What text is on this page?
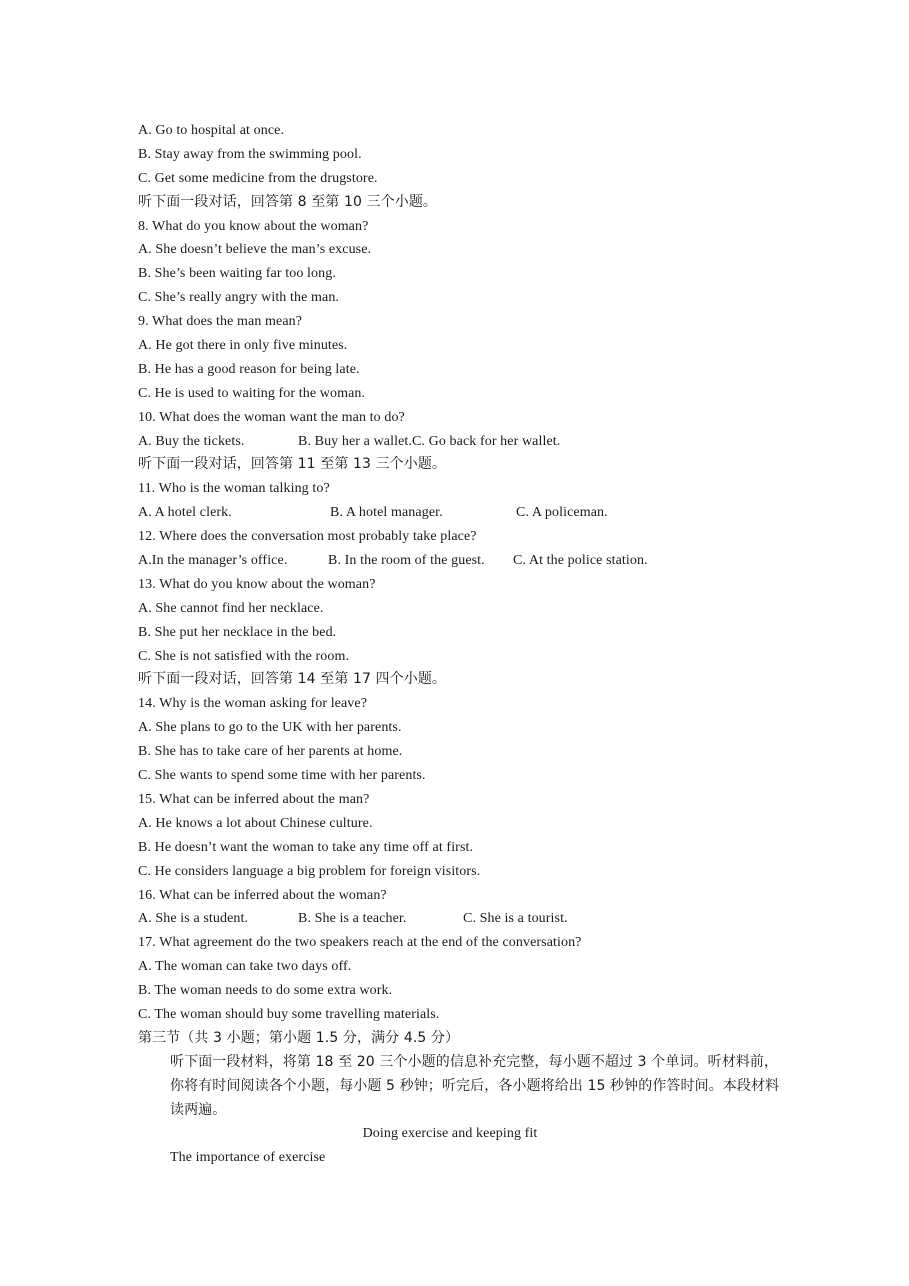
A. Go to hospital at once.
B. Stay away from the swimming pool.
C. Get some medicine from the drugstore.
听下面一段对话，回答第 8 至第 10 三个小题。
8. What do you know about the woman?
A. She doesn’t believe the man’s excuse.
B. She’s been waiting far too long.
C. She’s really angry with the man.
9. What does the man mean?
A. He got there in only five minutes.
B. He has a good reason for being late.
C. He is used to waiting for the woman.
10. What does the woman want the man to do?
A. Buy the tickets.	B. Buy her a wallet.C. Go back for her wallet.
听下面一段对话，回答第 11 至第 13 三个小题。
11. Who is the woman talking to?
A. A hotel clerk.	B. A hotel manager.	C. A policeman.
12. Where does the conversation most probably take place?
A.In the manager’s office.	B. In the room of the guest. C. At the police station.
13. What do you know about the woman?
A. She cannot find her necklace.
B. She put her necklace in the bed.
C. She is not satisfied with the room.
听下面一段对话，回答第 14 至第 17 四个小题。
14. Why is the woman asking for leave?
A. She plans to go to the UK with her parents.
B. She has to take care of her parents at home.
C. She wants to spend some time with her parents.
15. What can be inferred about the man?
A. He knows a lot about Chinese culture.
B. He doesn’t want the woman to take any time off at first.
C. He considers language a big problem for foreign visitors.
16. What can be inferred about the woman?
A. She is a student.	B. She is a teacher.	C. She is a tourist.
17. What agreement do the two speakers reach at the end of the conversation?
A. The woman can take two days off.
B. The woman needs to do some extra work.
C. The woman should buy some travelling materials.
第三节（共 3 小题；第小题 1.5 分，满分 4.5 分）
听下面一段材料，将第 18 至 20 三个小题的信息补充完整，每小题不超过 3 个单词。听材料前，你将有时间阅读各个小题，每小题 5 秒钟；听完后，各小题将给出 15 秒钟的作答时间。本段材料读两遍。
Doing exercise and keeping fit
The importance of exercise
